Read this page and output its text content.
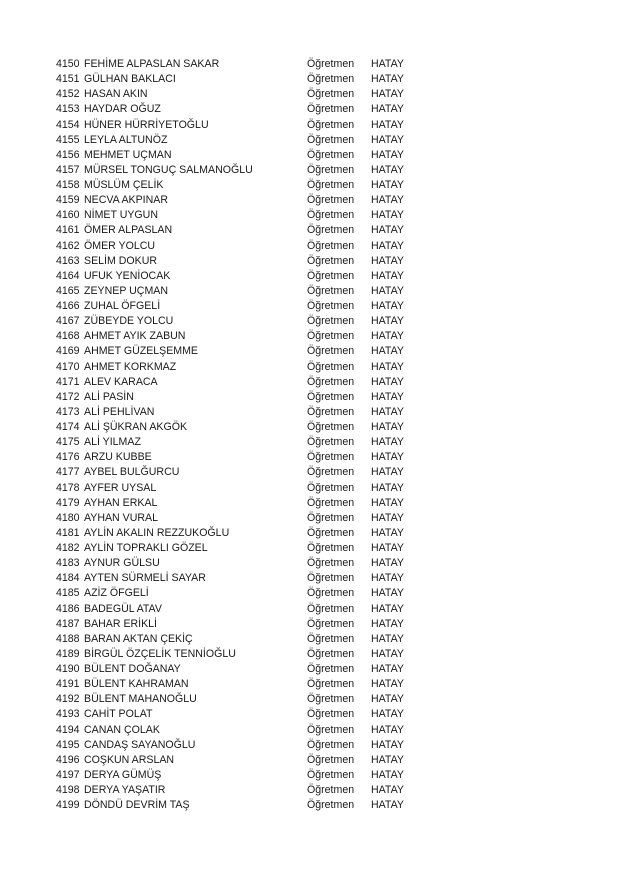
4150 FEHİME ALPASLAN SAKAR	Öğretmen HATAY
4151 GÜLHAN BAKLACI	Öğretmen HATAY
4152 HASAN AKIN	Öğretmen HATAY
4153 HAYDAR OĞUZ	Öğretmen HATAY
4154 HÜNER HÜRRİYETOĞLU	Öğretmen HATAY
4155 LEYLA ALTUNÖZ	Öğretmen HATAY
4156 MEHMET UÇMAN	Öğretmen HATAY
4157 MÜRSEL TONGUÇ SALMANOĞLU	Öğretmen HATAY
4158 MÜSLÜM ÇELİK	Öğretmen HATAY
4159 NECVA AKPINAR	Öğretmen HATAY
4160 NİMET UYGUN	Öğretmen HATAY
4161 ÖMER ALPASLAN	Öğretmen HATAY
4162 ÖMER YOLCU	Öğretmen HATAY
4163 SELİM DOKUR	Öğretmen HATAY
4164 UFUK YENİOCAK	Öğretmen HATAY
4165 ZEYNEP UÇMAN	Öğretmen HATAY
4166 ZUHAL ÖFGELİ	Öğretmen HATAY
4167 ZÜBEYDE YOLCU	Öğretmen HATAY
4168 AHMET AYIK ZABUN	Öğretmen HATAY
4169 AHMET GÜZELŞEMME	Öğretmen HATAY
4170 AHMET KORKMAZ	Öğretmen HATAY
4171 ALEV KARACA	Öğretmen HATAY
4172 ALİ PASİN	Öğretmen HATAY
4173 ALİ PEHLİVAN	Öğretmen HATAY
4174 ALİ ŞÜKRAN AKGÖK	Öğretmen HATAY
4175 ALİ YILMAZ	Öğretmen HATAY
4176 ARZU KUBBE	Öğretmen HATAY
4177 AYBEL BULĞURCU	Öğretmen HATAY
4178 AYFER UYSAL	Öğretmen HATAY
4179 AYHAN ERKAL	Öğretmen HATAY
4180 AYHAN VURAL	Öğretmen HATAY
4181 AYLİN AKALIN REZZUKOĞLU	Öğretmen HATAY
4182 AYLİN TOPRAKLI GÖZEL	Öğretmen HATAY
4183 AYNUR GÜLSU	Öğretmen HATAY
4184 AYTEN SÜRMELİ SAYAR	Öğretmen HATAY
4185 AZİZ ÖFGELİ	Öğretmen HATAY
4186 BADEGÜL ATAV	Öğretmen HATAY
4187 BAHAR ERİKLİ	Öğretmen HATAY
4188 BARAN AKTAN ÇEKİÇ	Öğretmen HATAY
4189 BİRGÜL ÖZÇELİK TENNİOĞLU	Öğretmen HATAY
4190 BÜLENT DOĞANAY	Öğretmen HATAY
4191 BÜLENT KAHRAMAN	Öğretmen HATAY
4192 BÜLENT MAHANOĞLU	Öğretmen HATAY
4193 CAHİT POLAT	Öğretmen HATAY
4194 CANAN ÇOLAK	Öğretmen HATAY
4195 CANDAŞ SAYANOĞLU	Öğretmen HATAY
4196 COŞKUN ARSLAN	Öğretmen HATAY
4197 DERYA GÜMÜŞ	Öğretmen HATAY
4198 DERYA YAŞATIR	Öğretmen HATAY
4199 DÖNDÜ DEVRİM TAŞ	Öğretmen HATAY
